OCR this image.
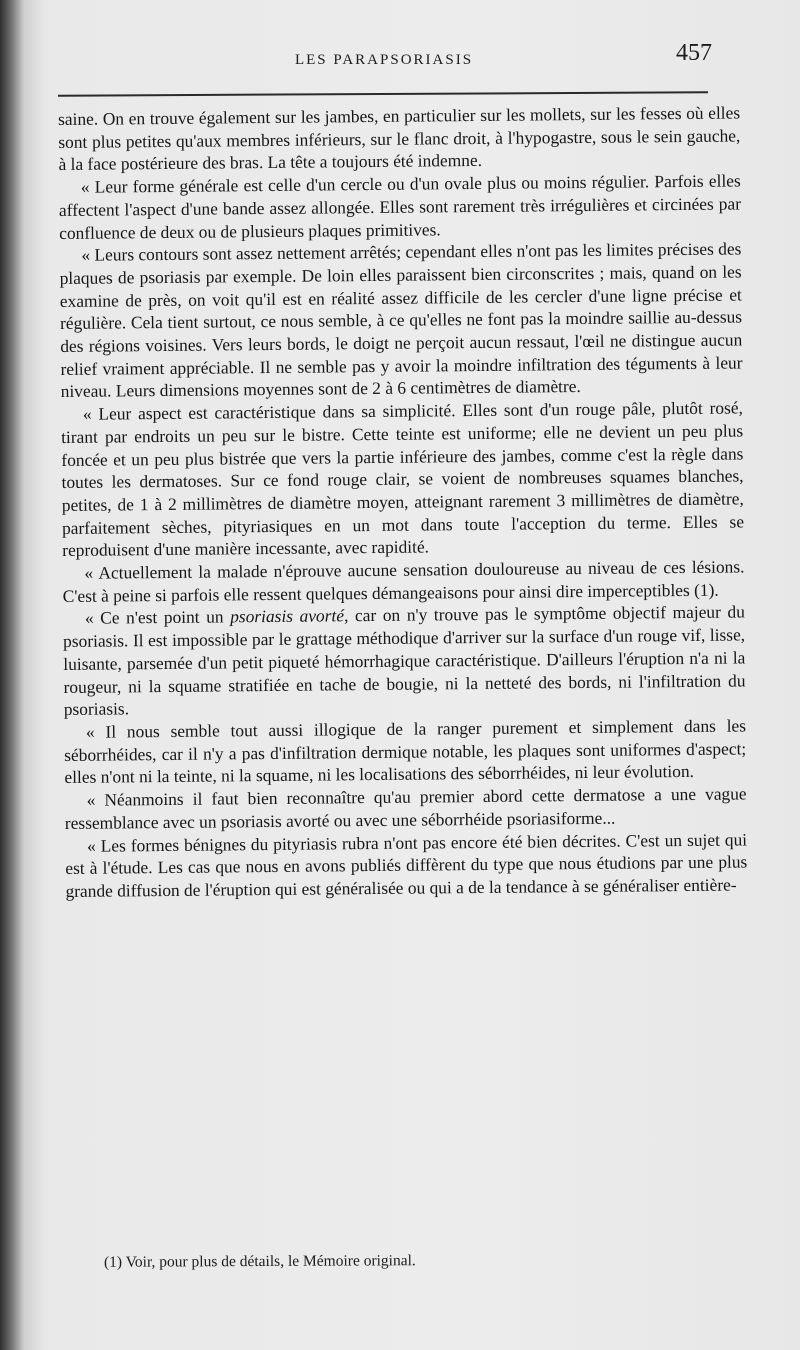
LES PARAPSORIASIS	457

saine. On en trouve également sur les jambes, en particulier sur les mollets, sur les fesses où elles sont plus petites qu'aux membres inférieurs, sur le flanc droit, à l'hypogastre, sous le sein gauche, à la face postérieure des bras. La tête a toujours été indemne.

« Leur forme générale est celle d'un cercle ou d'un ovale plus ou moins régulier. Parfois elles affectent l'aspect d'une bande assez allongée. Elles sont rarement très irrégulières et circinées par confluence de deux ou de plusieurs plaques primitives.

« Leurs contours sont assez nettement arrêtés; cependant elles n'ont pas les limites précises des plaques de psoriasis par exemple. De loin elles paraissent bien circonscrites ; mais, quand on les examine de près, on voit qu'il est en réalité assez difficile de les cercler d'une ligne précise et régulière. Cela tient surtout, ce nous semble, à ce qu'elles ne font pas la moindre saillie au-dessus des régions voisines. Vers leurs bords, le doigt ne perçoit aucun ressaut, l'œil ne distingue aucun relief vraiment appréciable. Il ne semble pas y avoir la moindre infiltration des téguments à leur niveau. Leurs dimensions moyennes sont de 2 à 6 centimètres de diamètre.

« Leur aspect est caractéristique dans sa simplicité. Elles sont d'un rouge pâle, plutôt rosé, tirant par endroits un peu sur le bistre. Cette teinte est uniforme; elle ne devient un peu plus foncée et un peu plus bistrée que vers la partie inférieure des jambes, comme c'est la règle dans toutes les dermatoses. Sur ce fond rouge clair, se voient de nombreuses squames blanches, petites, de 1 à 2 millimètres de diamètre moyen, atteignant rarement 3 millimètres de diamètre, parfaitement sèches, pityriasiques en un mot dans toute l'acception du terme. Elles se reproduisent d'une manière incessante, avec rapidité.

« Actuellement la malade n'éprouve aucune sensation douloureuse au niveau de ces lésions. C'est à peine si parfois elle ressent quelques démangeaisons pour ainsi dire imperceptibles (1).

« Ce n'est point un psoriasis avorté, car on n'y trouve pas le symptôme objectif majeur du psoriasis. Il est impossible par le grattage méthodique d'arriver sur la surface d'un rouge vif, lisse, luisante, parsemée d'un petit piqueté hémorrhagique caractéristique. D'ailleurs l'éruption n'a ni la rougeur, ni la squame stratifiée en tache de bougie, ni la netteté des bords, ni l'infiltration du psoriasis.

« Il nous semble tout aussi illogique de la ranger purement et simplement dans les séborrhéides, car il n'y a pas d'infiltration dermique notable, les plaques sont uniformes d'aspect; elles n'ont ni la teinte, ni la squame, ni les localisations des séborrhéides, ni leur évolution.

« Néanmoins il faut bien reconnaître qu'au premier abord cette dermatose a une vague ressemblance avec un psoriasis avorté ou avec une séborrhéide psoriasiforme...

« Les formes bénignes du pityriasis rubra n'ont pas encore été bien décrites. C'est un sujet qui est à l'étude. Les cas que nous en avons publiés diffèrent du type que nous étudions par une plus grande diffusion de l'éruption qui est généralisée ou qui a de la tendance à se généraliser entière-

(1) Voir, pour plus de détails, le Mémoire original.
